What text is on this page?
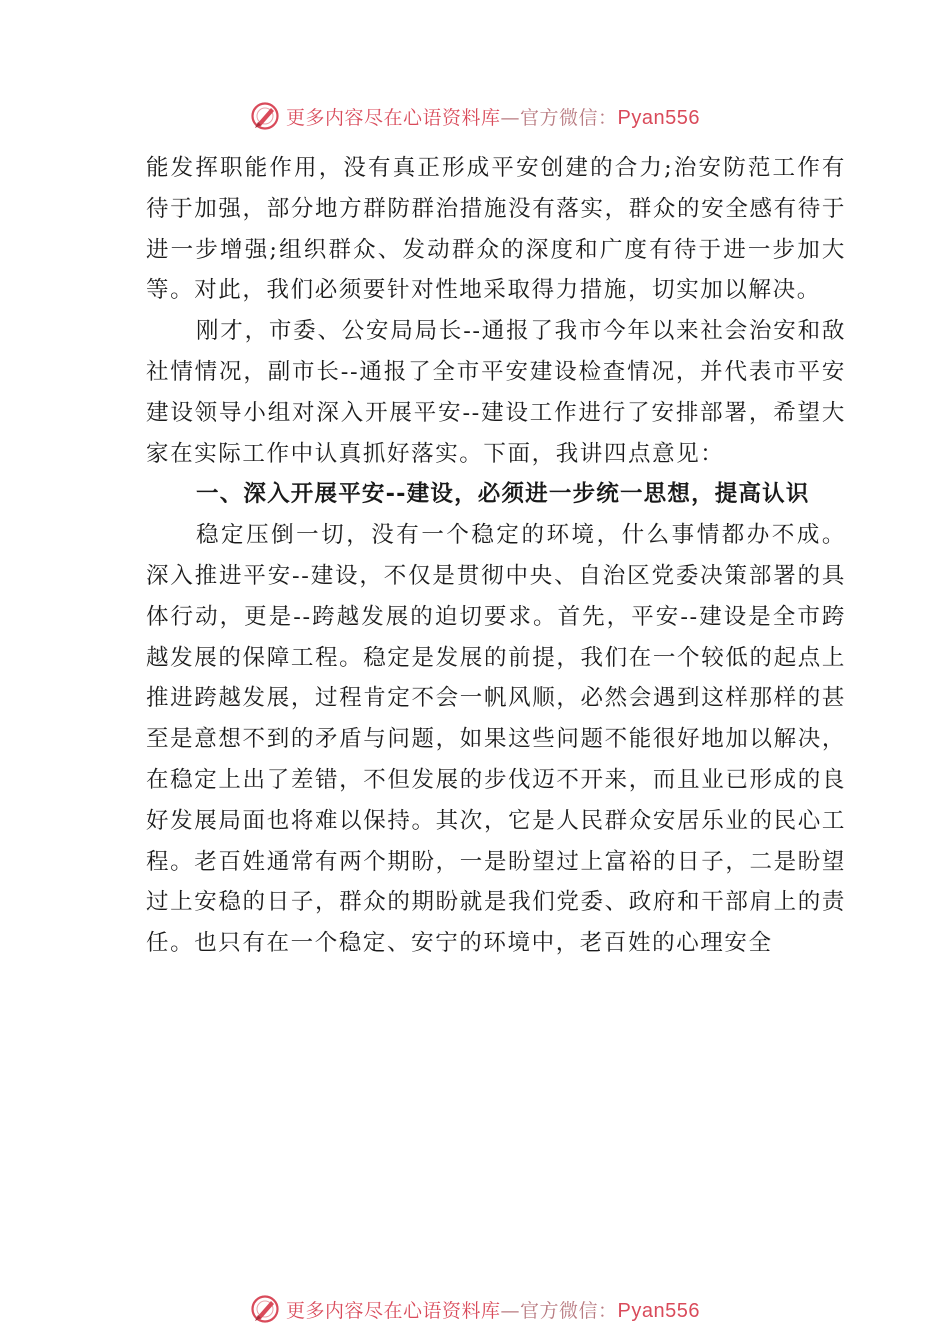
更多内容尽在心语资料库—官方微信：Pyan556

能发挥职能作用，没有真正形成平安创建的合力;治安防范工作有待于加强，部分地方群防群治措施没有落实，群众的安全感有待于进一步增强;组织群众、发动群众的深度和广度有待于进一步加大等。对此，我们必须要针对性地采取得力措施，切实加以解决。

刚才，市委、公安局局长--通报了我市今年以来社会治安和敌社情情况，副市长--通报了全市平安建设检查情况，并代表市平安建设领导小组对深入开展平安--建设工作进行了安排部署，希望大家在实际工作中认真抓好落实。下面，我讲四点意见：

一、深入开展平安--建设，必须进一步统一思想，提高认识

稳定压倒一切，没有一个稳定的环境，什么事情都办不成。深入推进平安--建设，不仅是贯彻中央、自治区党委决策部署的具体行动，更是--跨越发展的迫切要求。首先，平安--建设是全市跨越发展的保障工程。稳定是发展的前提，我们在一个较低的起点上推进跨越发展，过程肯定不会一帆风顺，必然会遇到这样那样的甚至是意想不到的矛盾与问题，如果这些问题不能很好地加以解决，在稳定上出了差错，不但发展的步伐迈不开来，而且业已形成的良好发展局面也将难以保持。其次，它是人民群众安居乐业的民心工程。老百姓通常有两个期盼，一是盼望过上富裕的日子，二是盼望过上安稳的日子，群众的期盼就是我们党委、政府和干部肩上的责 任。也只有在一个稳定、安宁的环境中，老百姓的心理安全

更多内容尽在心语资料库—官方微信：Pyan556
